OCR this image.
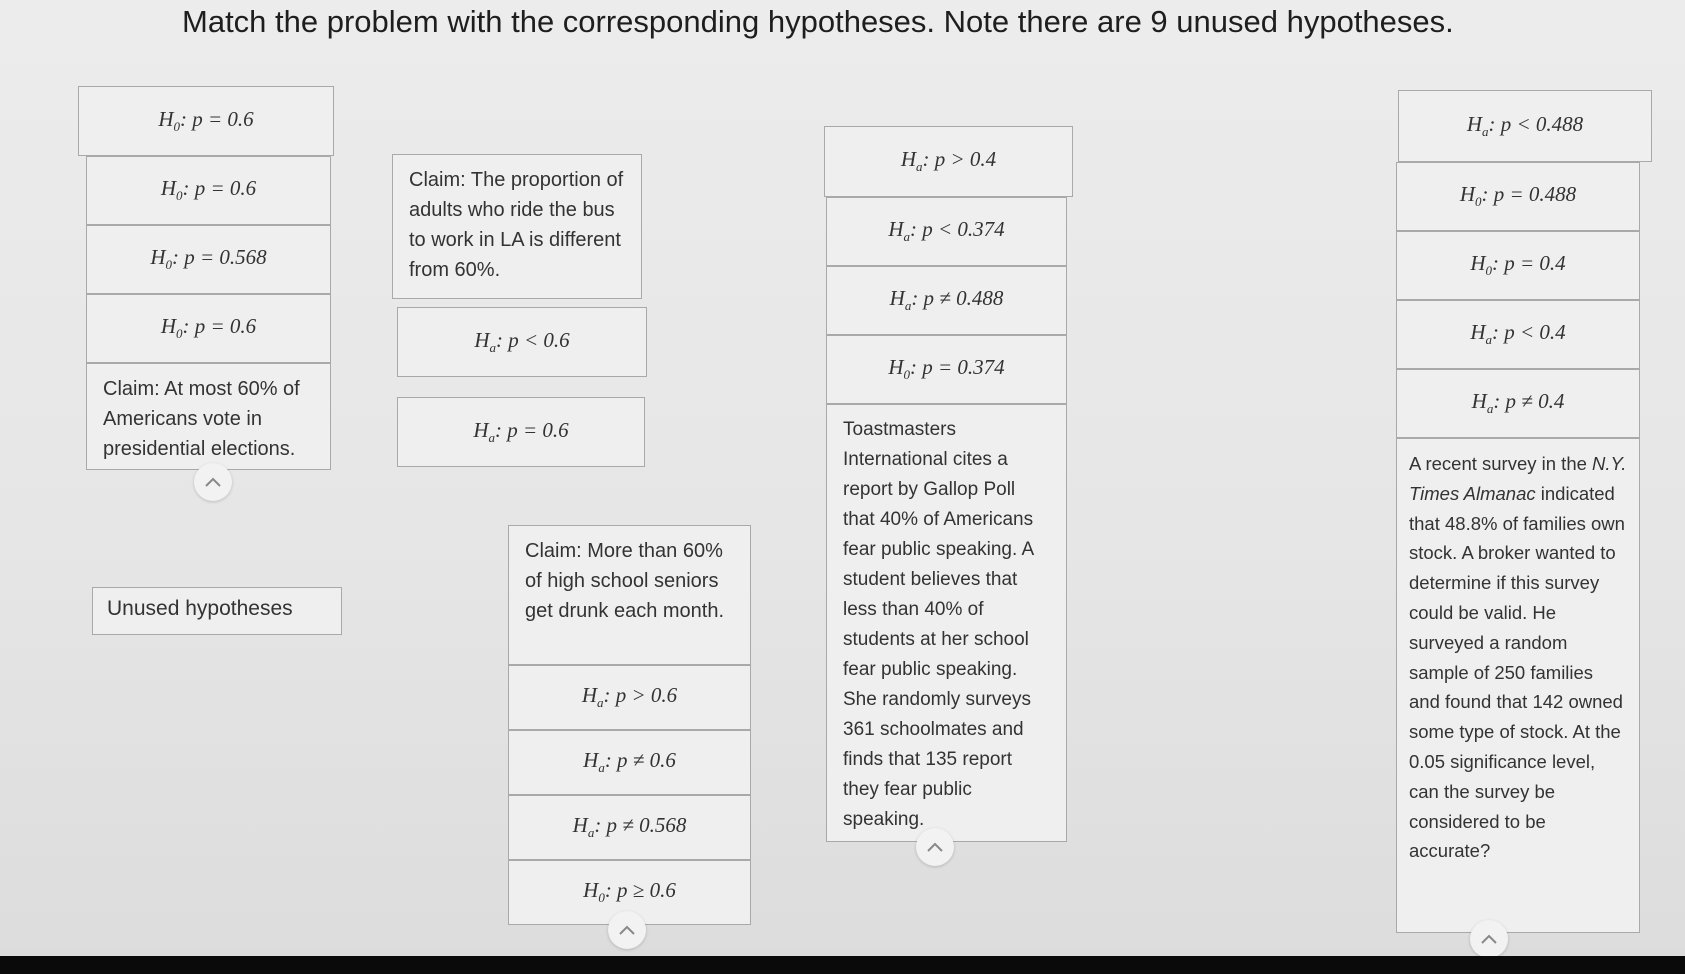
Match the problem with the corresponding hypotheses. Note there are 9 unused hypotheses.
$H_0$: p = 0.6
$H_0$: p = 0.6
$H_0$: p = 0.568
$H_0$: p = 0.6
Claim: At most 60% of Americans vote in presidential elections.
Unused hypotheses
Claim: The proportion of adults who ride the bus to work in LA is different from 60%.
$H_a$: p < 0.6
$H_a$: p = 0.6
Claim: More than 60% of high school seniors get drunk each month.
$H_a$: p > 0.6
$H_a$: p ≠ 0.6
$H_a$: p ≠ 0.568
$H_0$: p ≥ 0.6
$H_a$: p > 0.4
$H_a$: p < 0.374
$H_a$: p ≠ 0.488
$H_0$: p = 0.374
Toastmasters International cites a report by Gallop Poll that 40% of Americans fear public speaking. A student believes that less than 40% of students at her school fear public speaking. She randomly surveys 361 schoolmates and finds that 135 report they fear public speaking.
$H_a$: p < 0.488
$H_0$: p = 0.488
$H_0$: p = 0.4
$H_a$: p < 0.4
$H_a$: p ≠ 0.4
A recent survey in the N.Y. Times Almanac indicated that 48.8% of families own stock. A broker wanted to determine if this survey could be valid. He surveyed a random sample of 250 families and found that 142 owned some type of stock. At the 0.05 significance level, can the survey be considered to be accurate?
